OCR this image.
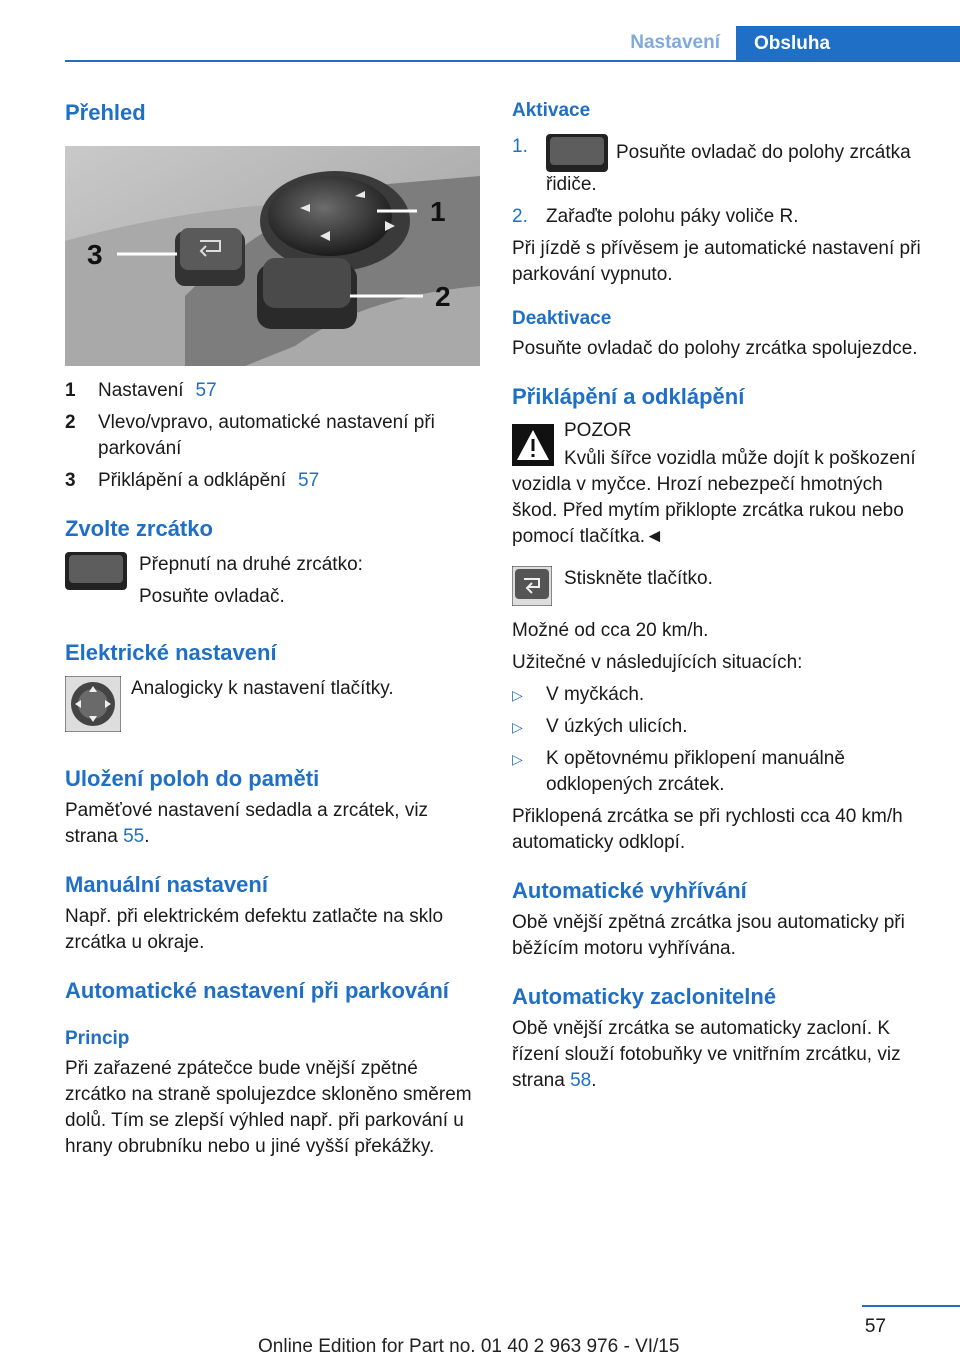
Nastavení	Obsluha
Přehled
3
1
2
1	Nastavení 57
2	Vlevo/vpravo, automatické nastavení při parkování
3	Přiklápění a odklápění 57
Zvolte zrcátko

Přepnutí na druhé zrcátko:

Posuňte ovladač.

Elektrické nastavení

Analogicky k nastavení tlačítky.

Uložení poloh do paměti

Paměťové nastavení sedadla a zrcátek, viz strana 55.

Manuální nastavení

Např. při elektrickém defektu zatlačte na sklo zrcátka u okraje.

Automatické nastavení při parkování
Princip

Při zařazené zpátečce bude vnější zpětné zrcátko na straně spolujezdce skloněno směrem dolů. Tím se zlepší výhled např. při parkování u hrany obrubníku nebo u jiné vyšší překážky.

Aktivace
1.	Posuňte ovladač do polohy zrcátka řidiče.
2. Zařaďte polohu páky voliče R.

Při jízdě s přívěsem je automatické nastavení při parkování vypnuto.

Deaktivace

Posuňte ovladač do polohy zrcátka spolujezdce.

Přiklápění a odklápění

POZOR

Kvůli šířce vozidla může dojít k poškození vozidla v myčce. Hrozí nebezpečí hmotných škod. Před mytím přiklopte zrcátka rukou nebo pomocí tlačítka.◄

Stiskněte tlačítko.

Možné od cca 20 km/h.

Užitečné v následujících situacích:

▷	V myčkách.
▷	V úzkých ulicích.
▷	K opětovnému přiklopení manuálně odklopených zrcátek.

Přiklopená zrcátka se při rychlosti cca 40 km/h automaticky odklopí.

Automatické vyhřívání

Obě vnější zpětná zrcátka jsou automaticky při běžícím motoru vyhřívána.

Automaticky zaclonitelné

Obě vnější zrcátka se automaticky zacloní. K řízení slouží fotobuňky ve vnitřním zrcátku, viz strana 58.

57
Online Edition for Part no. 01 40 2 963 976 - VI/15
